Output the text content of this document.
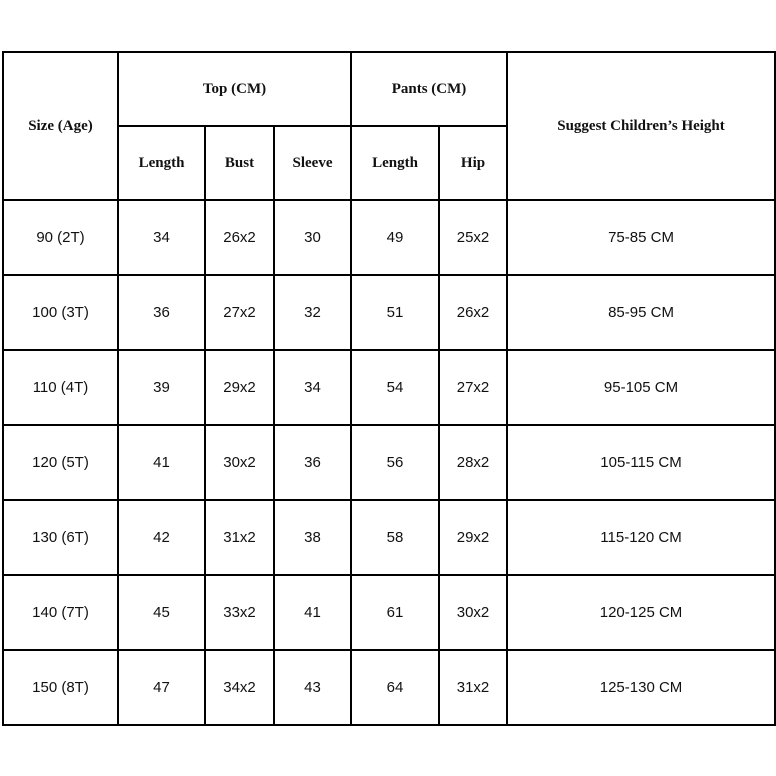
Size (Age)	Top (CM)			Pants (CM)		Suggest Children’s Height
	Length	Bust	Sleeve	Length	Hip	
90 (2T)	34	26x2	30	49	25x2	75-85 CM
100 (3T)	36	27x2	32	51	26x2	85-95 CM
110 (4T)	39	29x2	34	54	27x2	95-105 CM
120 (5T)	41	30x2	36	56	28x2	105-115 CM
130 (6T)	42	31x2	38	58	29x2	115-120 CM
140 (7T)	45	33x2	41	61	30x2	120-125 CM
150 (8T)	47	34x2	43	64	31x2	125-130 CM
